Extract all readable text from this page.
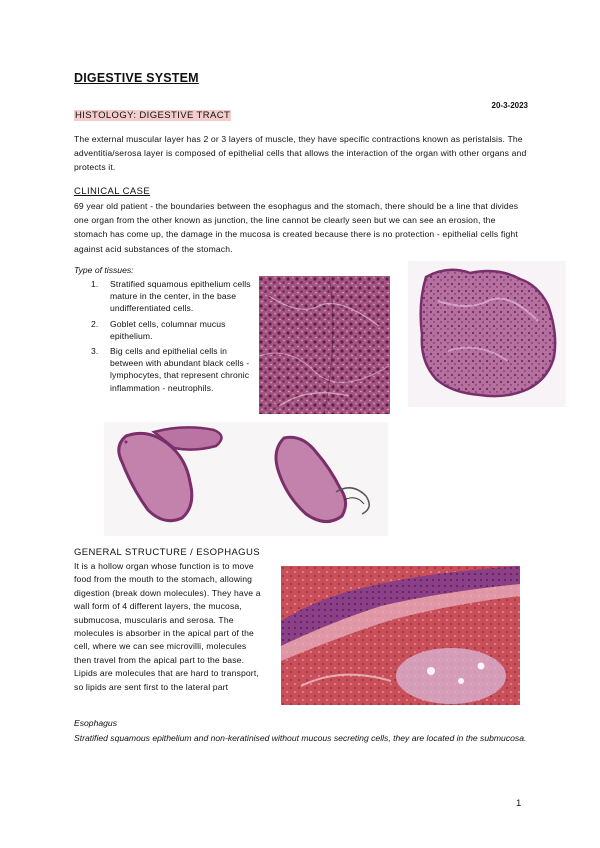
DIGESTIVE SYSTEM
20-3-2023
HISTOLOGY: DIGESTIVE TRACT
The external muscular layer has 2 or 3 layers of muscle, they have specific contractions known as peristalsis. The adventitia/serosa layer is composed of epithelial cells that allows the interaction of the organ with other organs and protects it.
CLINICAL CASE
69 year old patient - the boundaries between the esophagus and the stomach, there should be a line that divides one organ from the other known as junction, the line cannot be clearly seen but we can see an erosion, the stomach has come up, the damage in the mucosa is created because there is no protection - epithelial cells fight against acid substances of the stomach.
Type of tissues:
1.	Stratified squamous epithelium cells mature in the center, in the base undifferentiated cells.
2.	Goblet cells, columnar mucus epithelium.
3.	Big cells and epithelial cells in between with abundant black cells - lymphocytes, that represent chronic inflammation - neutrophils.
GENERAL STRUCTURE / ESOPHAGUS
It is a hollow organ whose function is to move food from the mouth to the stomach, allowing digestion (break down molecules). They have a wall form of 4 different layers, the mucosa, submucosa, muscularis and serosa. The molecules is absorber in the apical part of the cell, where we can see microvilli, molecules then travel from the apical part to the base. Lipids are molecules that are hard to transport, so lipids are sent first to the lateral part
Esophagus
Stratified squamous epithelium and non-keratinised without mucous secreting cells, they are located in the submucosa.
1
